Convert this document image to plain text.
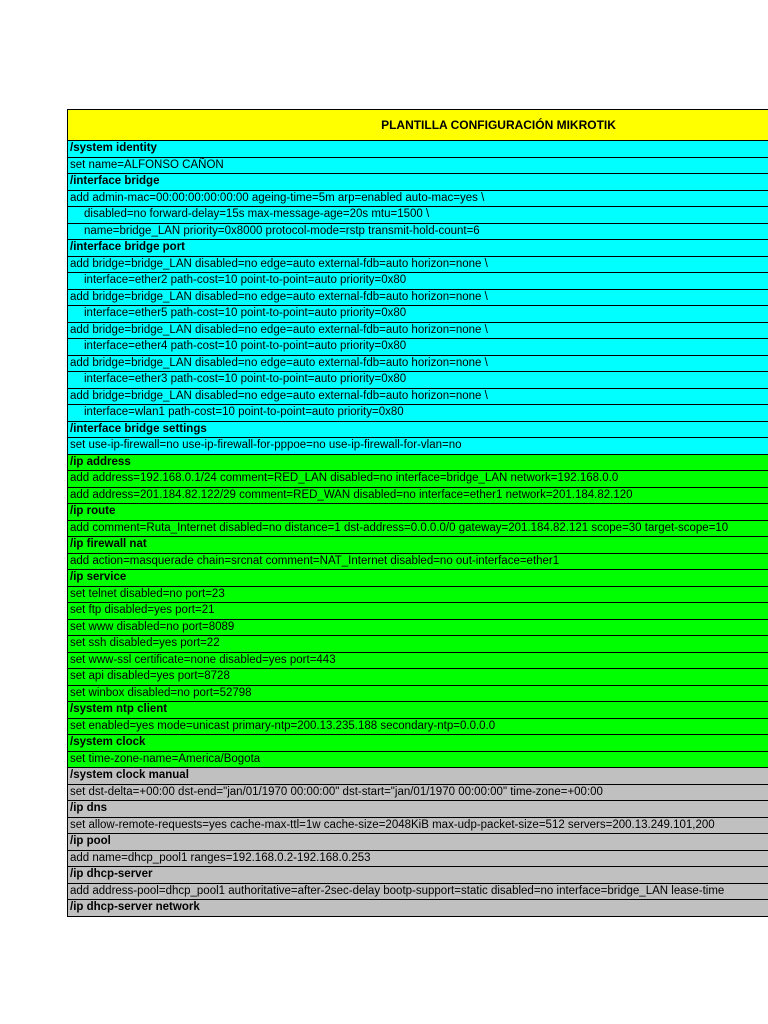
PLANTILLA CONFIGURACIÓN MIKROTIK
/system identity
set name=ALFONSO CAÑON
/interface bridge
add admin-mac=00:00:00:00:00:00 ageing-time=5m arp=enabled auto-mac=yes \
disabled=no forward-delay=15s max-message-age=20s mtu=1500 \
name=bridge_LAN priority=0x8000 protocol-mode=rstp transmit-hold-count=6
/interface bridge port
add bridge=bridge_LAN disabled=no edge=auto external-fdb=auto horizon=none \
interface=ether2 path-cost=10 point-to-point=auto priority=0x80
add bridge=bridge_LAN disabled=no edge=auto external-fdb=auto horizon=none \
interface=ether5 path-cost=10 point-to-point=auto priority=0x80
add bridge=bridge_LAN disabled=no edge=auto external-fdb=auto horizon=none \
interface=ether4 path-cost=10 point-to-point=auto priority=0x80
add bridge=bridge_LAN disabled=no edge=auto external-fdb=auto horizon=none \
interface=ether3 path-cost=10 point-to-point=auto priority=0x80
add bridge=bridge_LAN disabled=no edge=auto external-fdb=auto horizon=none \
interface=wlan1 path-cost=10 point-to-point=auto priority=0x80
/interface bridge settings
set use-ip-firewall=no use-ip-firewall-for-pppoe=no use-ip-firewall-for-vlan=no
/ip address
add address=192.168.0.1/24 comment=RED_LAN disabled=no interface=bridge_LAN network=192.168.0.0
add address=201.184.82.122/29 comment=RED_WAN disabled=no interface=ether1 network=201.184.82.120
/ip route
add comment=Ruta_Internet disabled=no distance=1 dst-address=0.0.0.0/0 gateway=201.184.82.121 scope=30 target-scope=10
/ip firewall nat
add action=masquerade chain=srcnat comment=NAT_Internet disabled=no out-interface=ether1
/ip service
set telnet disabled=no port=23
set ftp disabled=yes port=21
set www disabled=no port=8089
set ssh disabled=yes port=22
set www-ssl certificate=none disabled=yes port=443
set api disabled=yes port=8728
set winbox disabled=no port=52798
/system ntp client
set enabled=yes mode=unicast primary-ntp=200.13.235.188 secondary-ntp=0.0.0.0
/system clock
set time-zone-name=America/Bogota
/system clock manual
set dst-delta=+00:00 dst-end="jan/01/1970 00:00:00" dst-start="jan/01/1970 00:00:00" time-zone=+00:00
/ip dns
set allow-remote-requests=yes cache-max-ttl=1w cache-size=2048KiB max-udp-packet-size=512 servers=200.13.249.101,200
/ip pool
add name=dhcp_pool1 ranges=192.168.0.2-192.168.0.253
/ip dhcp-server
add address-pool=dhcp_pool1 authoritative=after-2sec-delay bootp-support=static disabled=no interface=bridge_LAN lease-time
/ip dhcp-server network
